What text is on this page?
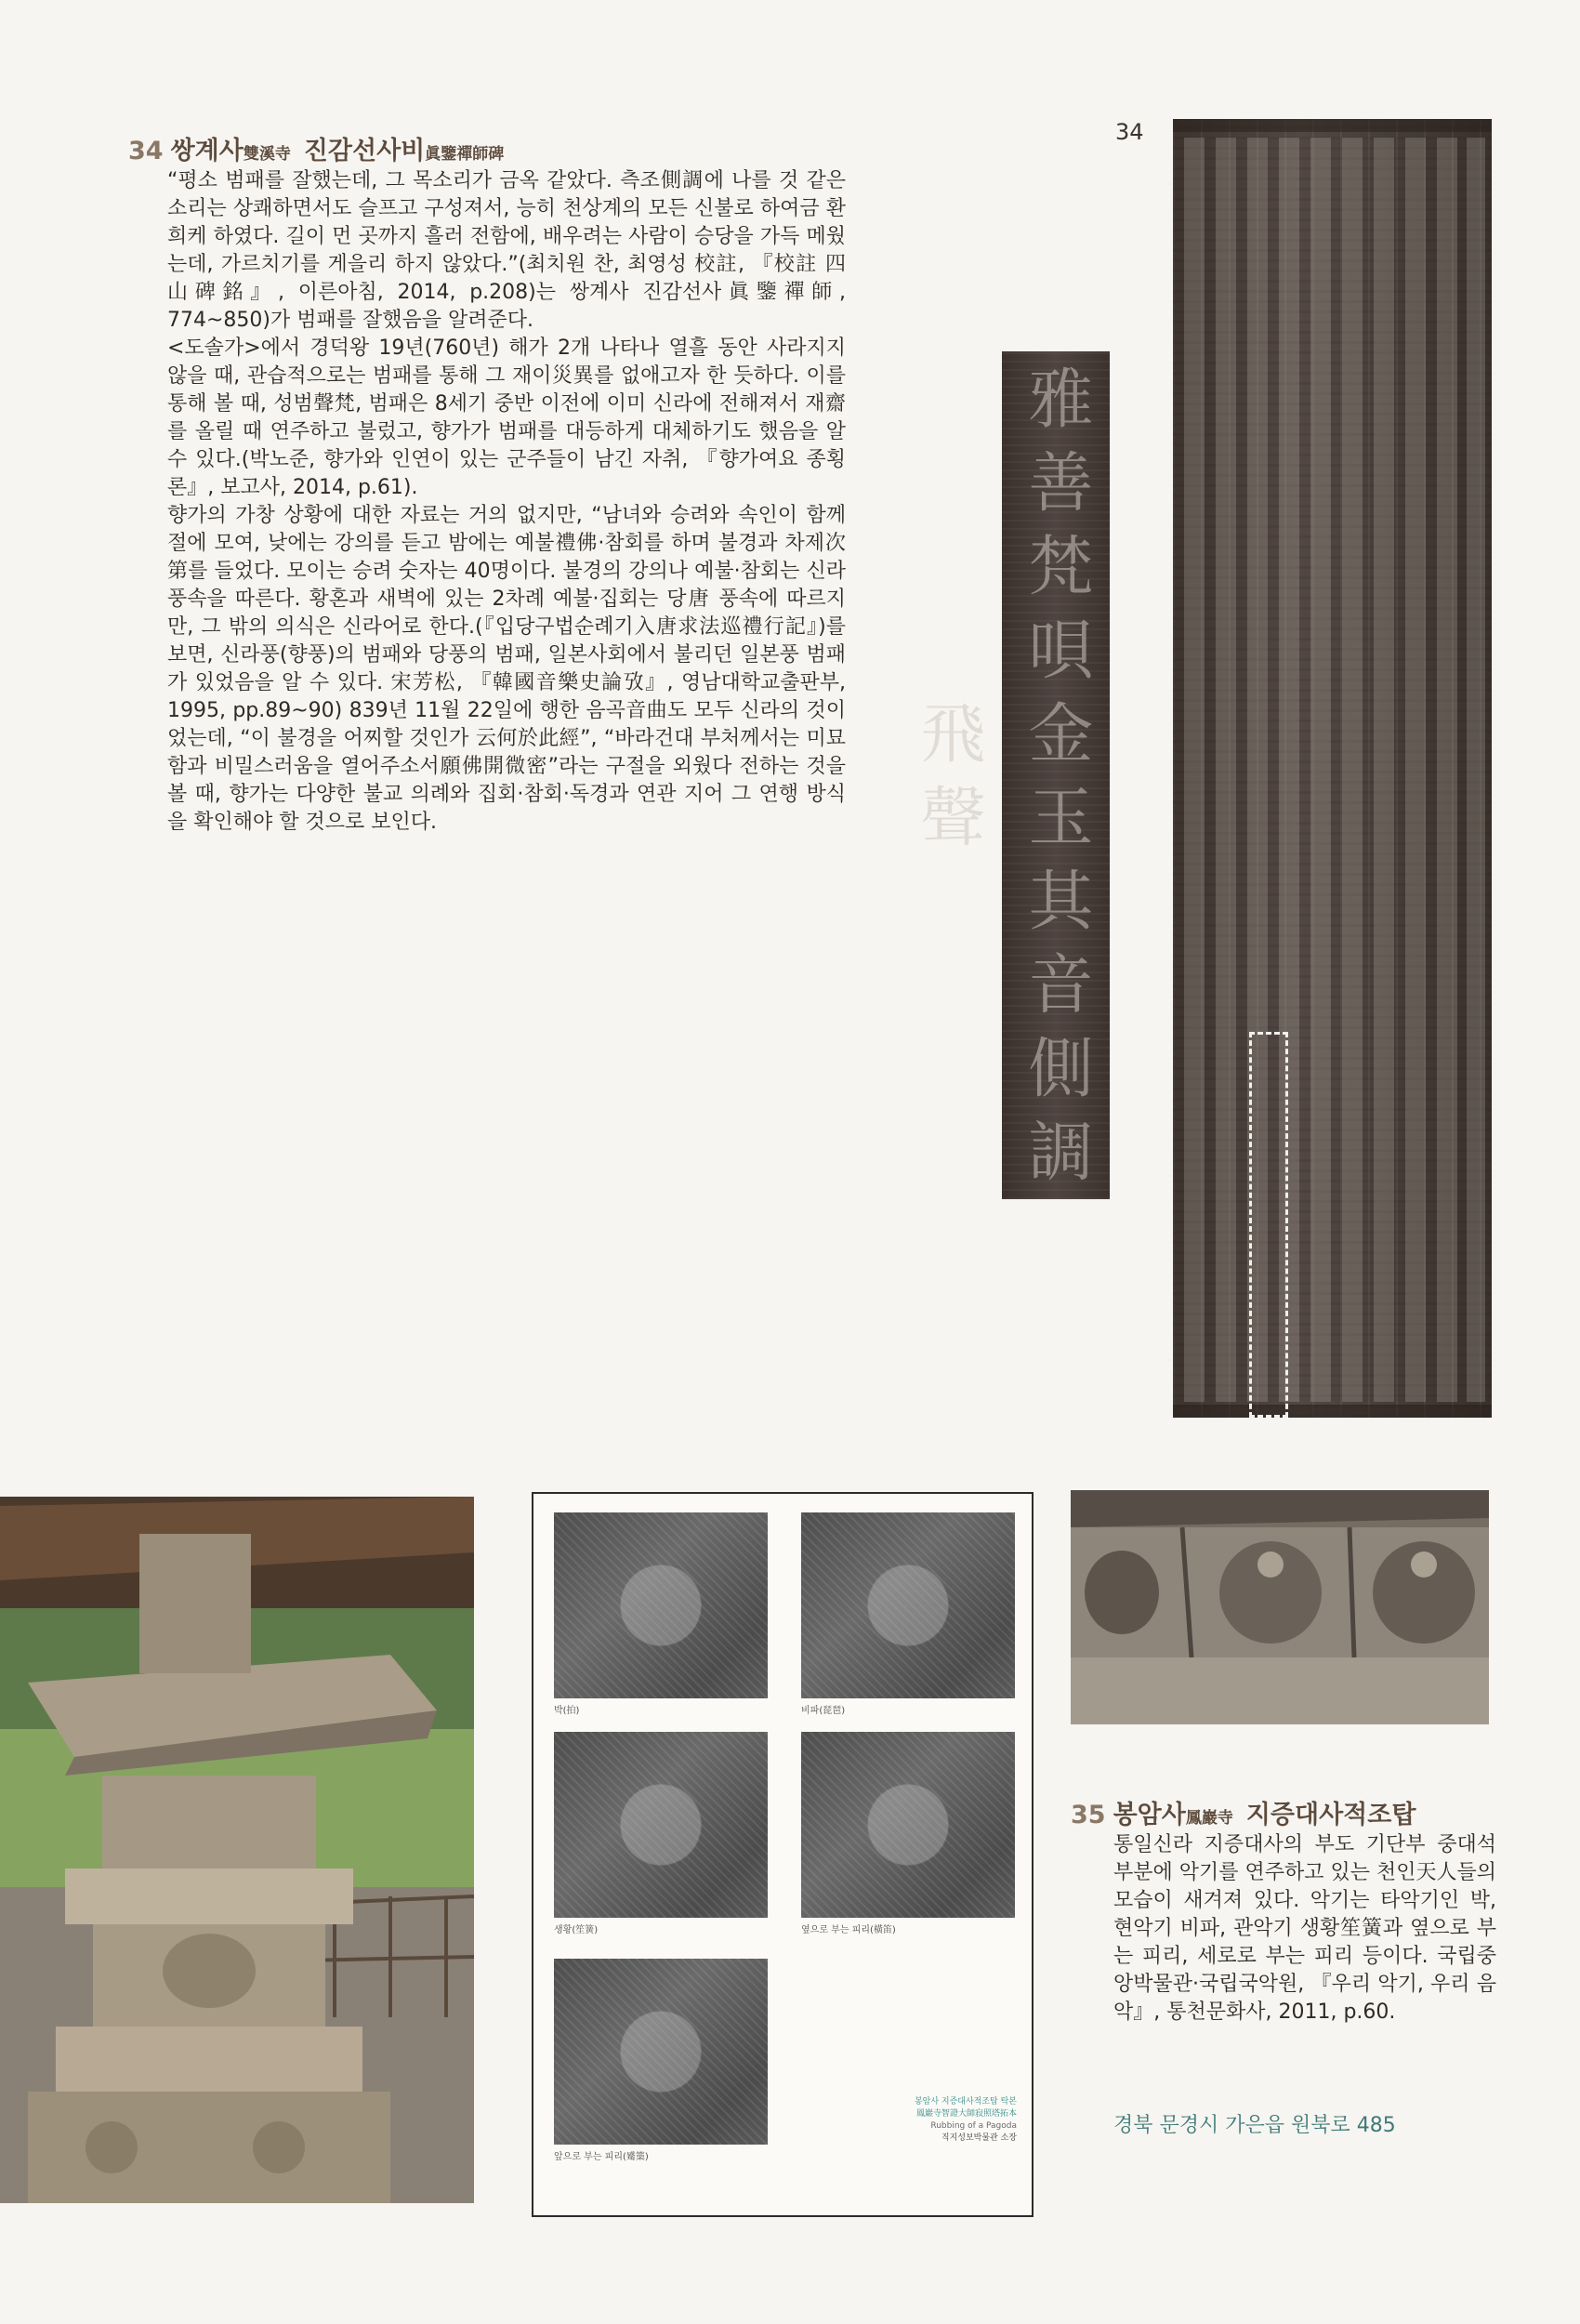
34 쌍계사雙溪寺 진감선사비眞鑒禪師碑

“평소 범패를 잘했는데, 그 목소리가 금옥 같았다. 측조側調에 나를 것 같은 소리는 상쾌하면서도 슬프고 구성져서, 능히 천상계의 모든 신불로 하여금 환희케 하였다. 길이 먼 곳까지 흘러 전함에, 배우려는 사람이 승당을 가득 메웠는데, 가르치기를 게을리 하지 않았다.”(최치원 찬, 최영성 校註, 『校註 四山碑銘』, 이른아침, 2014, p.208)는 쌍계사 진감선사眞鑒禪師, 774~850)가 범패를 잘했음을 알려준다.

<도솔가>에서 경덕왕 19년(760년) 해가 2개 나타나 열흘 동안 사라지지 않을 때, 관습적으로는 범패를 통해 그 재이災異를 없애고자 한 듯하다. 이를 통해 볼 때, 성범聲梵, 범패은 8세기 중반 이전에 이미 신라에 전해져서 재齋를 올릴 때 연주하고 불렀고, 향가가 범패를 대등하게 대체하기도 했음을 알 수 있다.(박노준, 향가와 인연이 있는 군주들이 남긴 자취, 『향가여요 종횡론』, 보고사, 2014, p.61).

향가의 가창 상황에 대한 자료는 거의 없지만, “남녀와 승려와 속인이 함께 절에 모여, 낮에는 강의를 듣고 밤에는 예불禮佛·참회를 하며 불경과 차제次第를 들었다. 모이는 승려 숫자는 40명이다. 불경의 강의나 예불·참회는 신라 풍속을 따른다. 황혼과 새벽에 있는 2차례 예불·집회는 당唐 풍속에 따르지만, 그 밖의 의식은 신라어로 한다.(『입당구법순례기入唐求法巡禮行記』)를 보면, 신라풍(향풍)의 범패와 당풍의 범패, 일본사회에서 불리던 일본풍 범패가 있었음을 알 수 있다. 宋芳松, 『韓國音樂史論攷』, 영남대학교출판부, 1995, pp.89~90) 839년 11월 22일에 행한 음곡音曲도 모두 신라의 것이었는데, “이 불경을 어찌할 것인가 云何於此經”, “바라건대 부처께서는 미묘함과 비밀스러움을 열어주소서願佛開微密”라는 구절을 외웠다 전하는 것을 볼 때, 향가는 다양한 불교 의례와 집회·참회·독경과 연관 지어 그 연행 방식을 확인해야 할 것으로 보인다.

34
雅善梵唄金玉其音側調飛聲
박(拍)	비파(琵琶)
생황(笙簧)	옆으로 부는 피리(橫笛)
앞으로 부는 피리(觱篥)
봉암사 지증대사적조탑 탁본
鳳巖寺智證大師寂照塔拓本
Rubbing of a Pagoda
직지성보박물관 소장
35 봉암사鳳巖寺 지증대사적조탑

통일신라 지증대사의 부도 기단부 중대석 부분에 악기를 연주하고 있는 천인天人들의 모습이 새겨져 있다. 악기는 타악기인 박, 현악기 비파, 관악기 생황笙簧과 옆으로 부는 피리, 세로로 부는 피리 등이다. 국립중앙박물관·국립국악원, 『우리 악기, 우리 음악』, 통천문화사, 2011, p.60.

경북 문경시 가은읍 원북로 485
